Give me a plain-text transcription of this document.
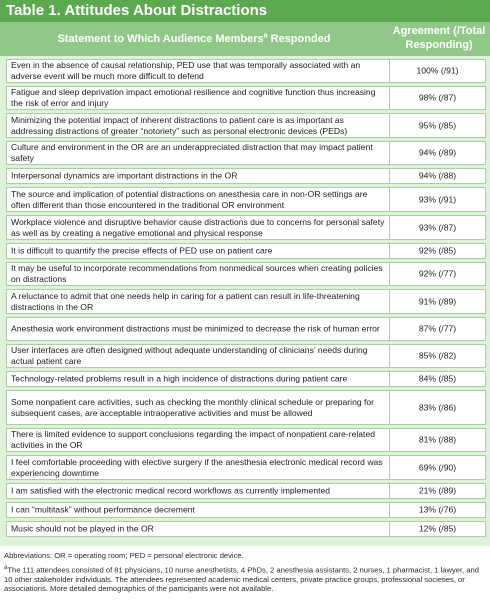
Table 1. Attitudes About Distractions
Statement to Which Audience Members$^a$ Responded
Agreement (/Total
Responding)
Even in the absence of causal relationship, PED use that was temporally associated with an adverse event will be much more difficult to defend
100% (/91)
Fatigue and sleep deprivation impact emotional resilience and cognitive function thus increasing the risk of error and injury
98% (/87)
Minimizing the potential impact of inherent distractions to patient care is as important as addressing distractions of greater “notoriety” such as personal electronic devices (PEDs)
95% (/85)
Culture and environment in the OR are an underappreciated distraction that may impact patient safety
94% (/89)
Interpersonal dynamics are important distractions in the OR	94% (/88)
The source and implication of potential distractions on anesthesia care in non-OR settings are often different than those encountered in the traditional OR environment
93% (/91)
Workplace violence and disruptive behavior cause distractions due to concerns for personal safety as well as by creating a negative emotional and physical response
93% (/87)
It is difficult to quantify the precise effects of PED use on patient care	92% (/85)
It may be useful to incorporate recommendations from nonmedical sources when creating policies on distractions
92% (/77)
A reluctance to admit that one needs help in caring for a patient can result in life-threatening distractions in the OR
91% (/89)
Anesthesia work environment distractions must be minimized to decrease the risk of human error	87% (/77)
User interfaces are often designed without adequate understanding of clinicians’ needs during actual patient care
85% (/82)
Technology-related problems result in a high incidence of distractions during patient care	84% (/85)
Some nonpatient care activities, such as checking the monthly clinical schedule or preparing for subsequent cases, are acceptable intraoperative activities and must be allowed
83% (/86)
There is limited evidence to support conclusions regarding the impact of nonpatient care-related activities in the OR
81% (/88)
I feel comfortable proceeding with elective surgery if the anesthesia electronic medical record was experiencing downtime
69% (/90)
I am satisfied with the electronic medical record workflows as currently implemented	21% (/89)
I can “multitask” without performance decrement	13% (/76)
Music should not be played in the OR	12% (/85)

Abbreviations: OR = operating room; PED = personal electronic device.

$^a$The 111 attendees consisted of 81 physicians, 10 nurse anesthetists, 4 PhDs, 2 anesthesia assistants, 2 nurses, 1 pharmacist, 1 lawyer, and 10 other stakeholder individuals. The attendees represented academic medical centers, private practice groups, professional societies, or associations. More detailed demographics of the participants were not available.
